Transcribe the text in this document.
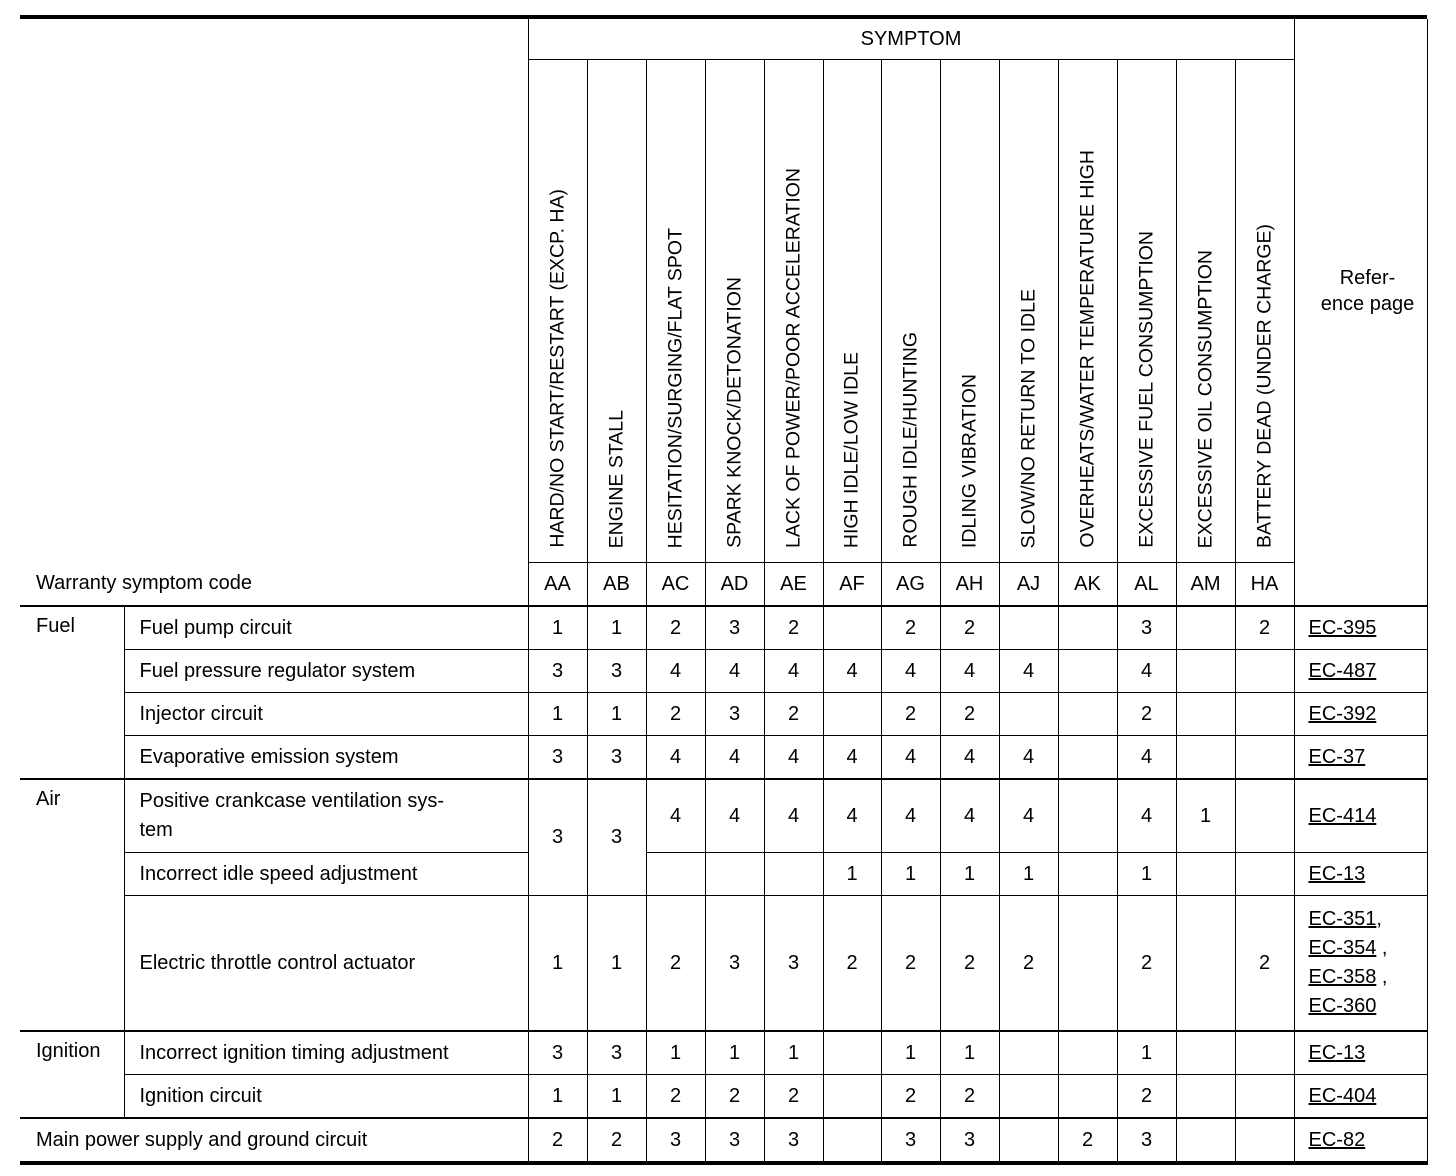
		SYMPTOM													Refer-
ence page

		HARD/NO START/RESTART (EXCP. HA)	ENGINE STALL	HESITATION/SURGING/FLAT SPOT	SPARK KNOCK/DETONATION	LACK OF POWER/POOR ACCELERATION	HIGH IDLE/LOW IDLE	ROUGH IDLE/HUNTING	IDLING VIBRATION	SLOW/NO RETURN TO IDLE	OVERHEATS/WATER TEMPERATURE HIGH	EXCESSIVE FUEL CONSUMPTION	EXCESSIVE OIL CONSUMPTION	BATTERY DEAD (UNDER CHARGE)	

Warranty symptom code		AA	AB	AC	AD	AE	AF	AG	AH	AJ	AK	AL	AM	HA	
Fuel	Fuel pump circuit	1	1	2	3	2		2	2			3		2	EC-395
	Fuel pressure regulator system	3	3	4	4	4	4	4	4	4		4			EC-487
	Injector circuit	1	1	2	3	2		2	2			2			EC-392
	Evaporative emission system	3	3	4	4	4	4	4	4	4		4			EC-37
Air	Positive crankcase ventilation sys-
tem	3	3	4	4	4	4	4	4	4		4	1		EC-414
	Incorrect idle speed adjustment						1	1	1	1		1			EC-13
	Electric throttle control actuator	1	1	2	3	3	2	2	2	2		2		2	EC-351,
EC-354 ,
EC-358 ,
EC-360
Ignition	Incorrect ignition timing adjustment	3	3	1	1	1		1	1			1			EC-13
	Ignition circuit	1	1	2	2	2		2	2			2			EC-404
Main power supply and ground circuit		2	2	3	3	3		3	3		2	3			EC-82
